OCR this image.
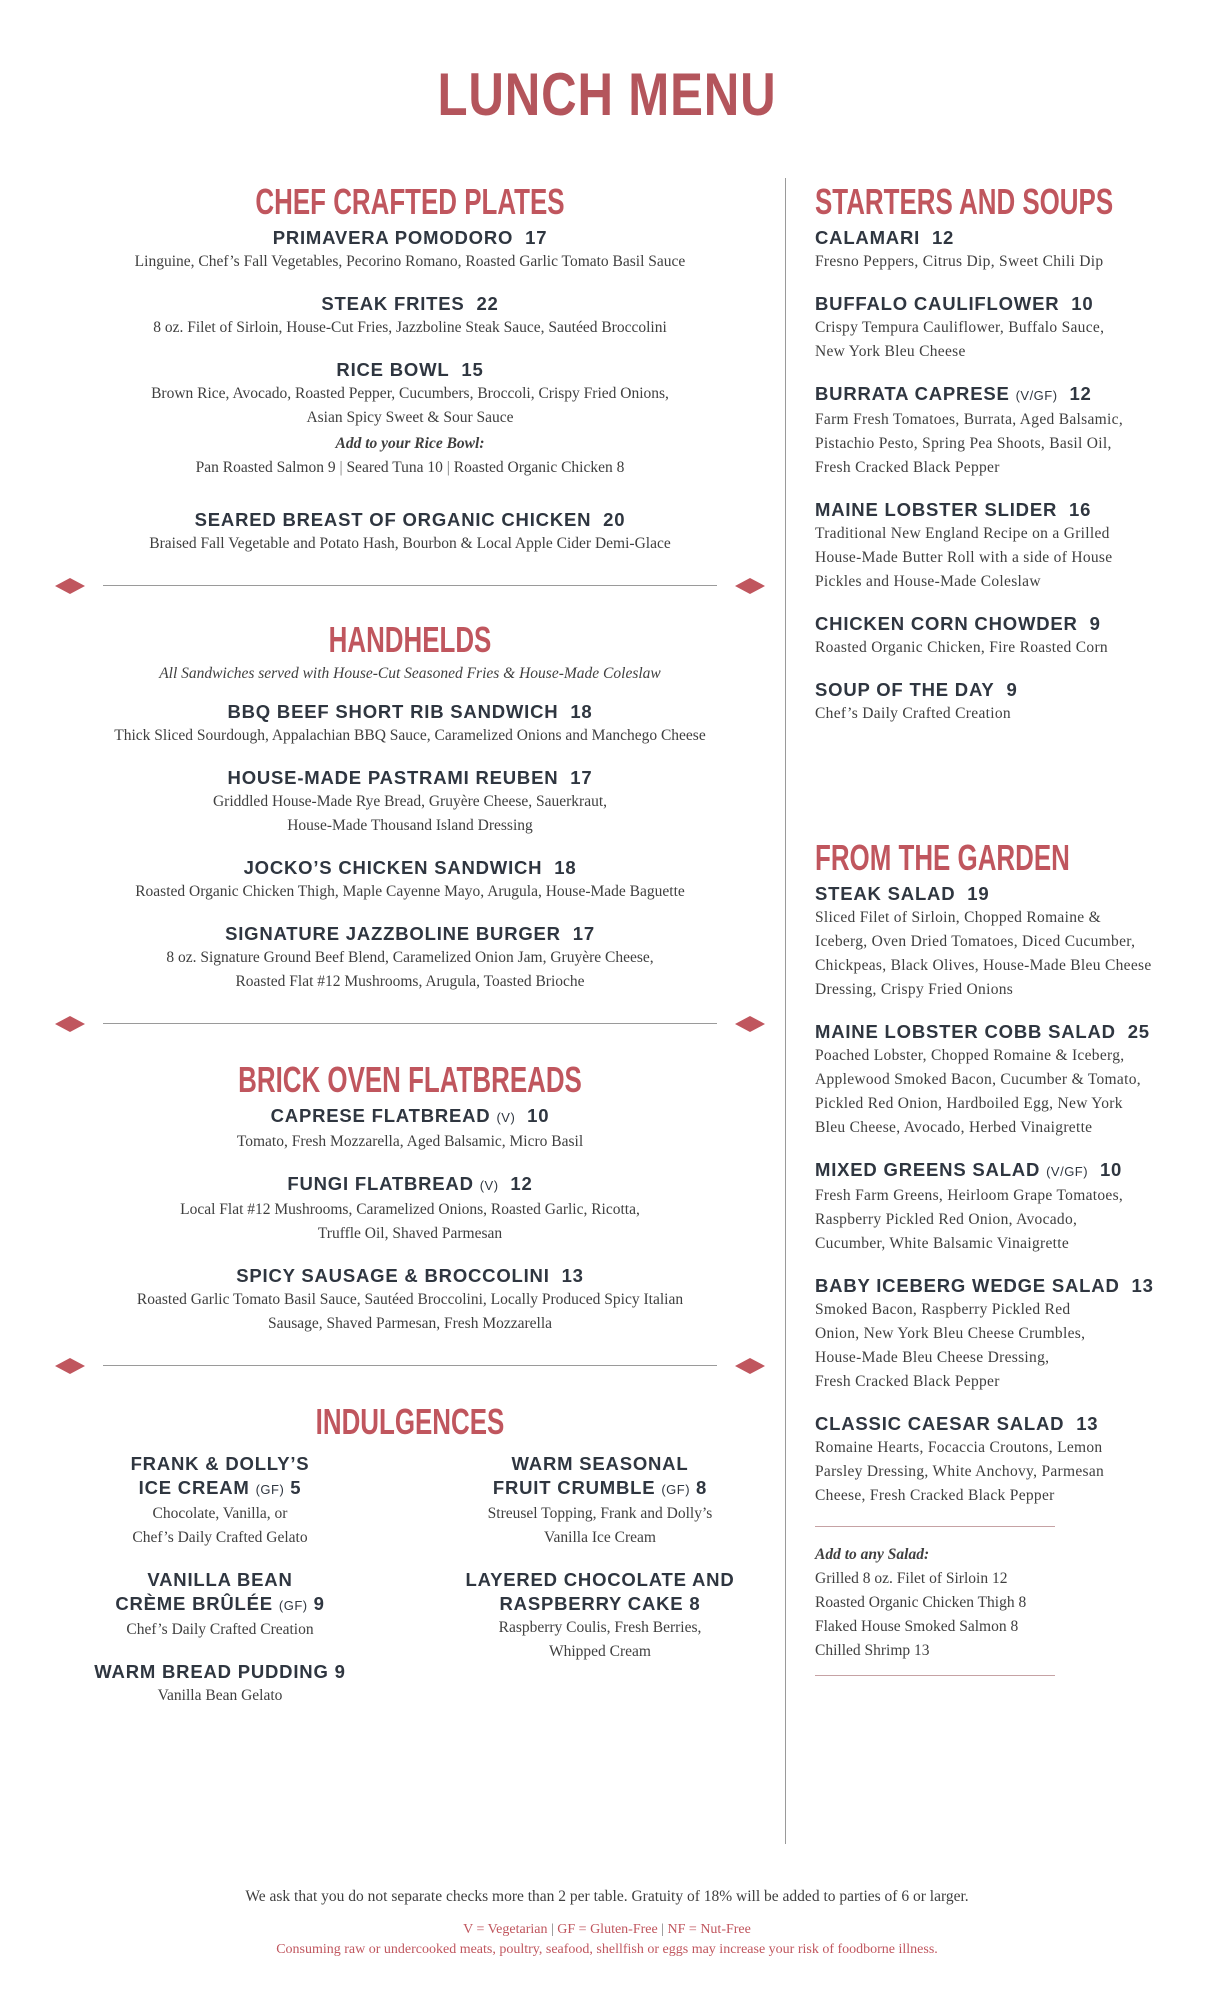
LUNCH MENU
CHEF CRAFTED PLATES
PRIMAVERA POMODORO 17
Linguine, Chef’s Fall Vegetables, Pecorino Romano, Roasted Garlic Tomato Basil Sauce
STEAK FRITES 22
8 oz. Filet of Sirloin, House-Cut Fries, Jazzboline Steak Sauce, Sautéed Broccolini
RICE BOWL 15
Brown Rice, Avocado, Roasted Pepper, Cucumbers, Broccoli, Crispy Fried Onions,
Asian Spicy Sweet & Sour Sauce
Add to your Rice Bowl:
Pan Roasted Salmon 9 | Seared Tuna 10 | Roasted Organic Chicken 8
SEARED BREAST OF ORGANIC CHICKEN 20
Braised Fall Vegetable and Potato Hash, Bourbon & Local Apple Cider Demi-Glace
HANDHELDS
All Sandwiches served with House-Cut Seasoned Fries & House-Made Coleslaw
BBQ BEEF SHORT RIB SANDWICH 18
Thick Sliced Sourdough, Appalachian BBQ Sauce, Caramelized Onions and Manchego Cheese
HOUSE-MADE PASTRAMI REUBEN 17
Griddled House-Made Rye Bread, Gruyère Cheese, Sauerkraut,
House-Made Thousand Island Dressing
JOCKO’S CHICKEN SANDWICH 18
Roasted Organic Chicken Thigh, Maple Cayenne Mayo, Arugula, House-Made Baguette
SIGNATURE JAZZBOLINE BURGER 17
8 oz. Signature Ground Beef Blend, Caramelized Onion Jam, Gruyère Cheese,
Roasted Flat #12 Mushrooms, Arugula, Toasted Brioche
BRICK OVEN FLATBREADS
CAPRESE FLATBREAD (V) 10
Tomato, Fresh Mozzarella, Aged Balsamic, Micro Basil
FUNGI FLATBREAD (V) 12
Local Flat #12 Mushrooms, Caramelized Onions, Roasted Garlic, Ricotta,
Truffle Oil, Shaved Parmesan
SPICY SAUSAGE & BROCCOLINI 13
Roasted Garlic Tomato Basil Sauce, Sautéed Broccolini, Locally Produced Spicy Italian
Sausage, Shaved Parmesan, Fresh Mozzarella
INDULGENCES
FRANK & DOLLY’S
ICE CREAM (GF) 5
Chocolate, Vanilla, or
Chef’s Daily Crafted Gelato
VANILLA BEAN
CRÈME BRÛLÉE (GF) 9
Chef’s Daily Crafted Creation
WARM BREAD PUDDING 9
Vanilla Bean Gelato
WARM SEASONAL
FRUIT CRUMBLE (GF) 8
Streusel Topping, Frank and Dolly’s
Vanilla Ice Cream
LAYERED CHOCOLATE AND
RASPBERRY CAKE 8
Raspberry Coulis, Fresh Berries,
Whipped Cream
STARTERS AND SOUPS
CALAMARI 12
Fresno Peppers, Citrus Dip, Sweet Chili Dip
BUFFALO CAULIFLOWER 10
Crispy Tempura Cauliflower, Buffalo Sauce,
New York Bleu Cheese
BURRATA CAPRESE (V/GF) 12
Farm Fresh Tomatoes, Burrata, Aged Balsamic,
Pistachio Pesto, Spring Pea Shoots, Basil Oil,
Fresh Cracked Black Pepper
MAINE LOBSTER SLIDER 16
Traditional New England Recipe on a Grilled
House-Made Butter Roll with a side of House
Pickles and House-Made Coleslaw
CHICKEN CORN CHOWDER 9
Roasted Organic Chicken, Fire Roasted Corn
SOUP OF THE DAY 9
Chef’s Daily Crafted Creation
FROM THE GARDEN
STEAK SALAD 19
Sliced Filet of Sirloin, Chopped Romaine &
Iceberg, Oven Dried Tomatoes, Diced Cucumber,
Chickpeas, Black Olives, House-Made Bleu Cheese
Dressing, Crispy Fried Onions
MAINE LOBSTER COBB SALAD 25
Poached Lobster, Chopped Romaine & Iceberg,
Applewood Smoked Bacon, Cucumber & Tomato,
Pickled Red Onion, Hardboiled Egg, New York
Bleu Cheese, Avocado, Herbed Vinaigrette
MIXED GREENS SALAD (V/GF) 10
Fresh Farm Greens, Heirloom Grape Tomatoes,
Raspberry Pickled Red Onion, Avocado,
Cucumber, White Balsamic Vinaigrette
BABY ICEBERG WEDGE SALAD 13
Smoked Bacon, Raspberry Pickled Red
Onion, New York Bleu Cheese Crumbles,
House-Made Bleu Cheese Dressing,
Fresh Cracked Black Pepper
CLASSIC CAESAR SALAD 13
Romaine Hearts, Focaccia Croutons, Lemon
Parsley Dressing, White Anchovy, Parmesan
Cheese, Fresh Cracked Black Pepper
Add to any Salad:
Grilled 8 oz. Filet of Sirloin 12
Roasted Organic Chicken Thigh 8
Flaked House Smoked Salmon 8
Chilled Shrimp 13
We ask that you do not separate checks more than 2 per table. Gratuity of 18% will be added to parties of 6 or larger.
V = Vegetarian | GF = Gluten-Free | NF = Nut-Free
Consuming raw or undercooked meats, poultry, seafood, shellfish or eggs may increase your risk of foodborne illness.
